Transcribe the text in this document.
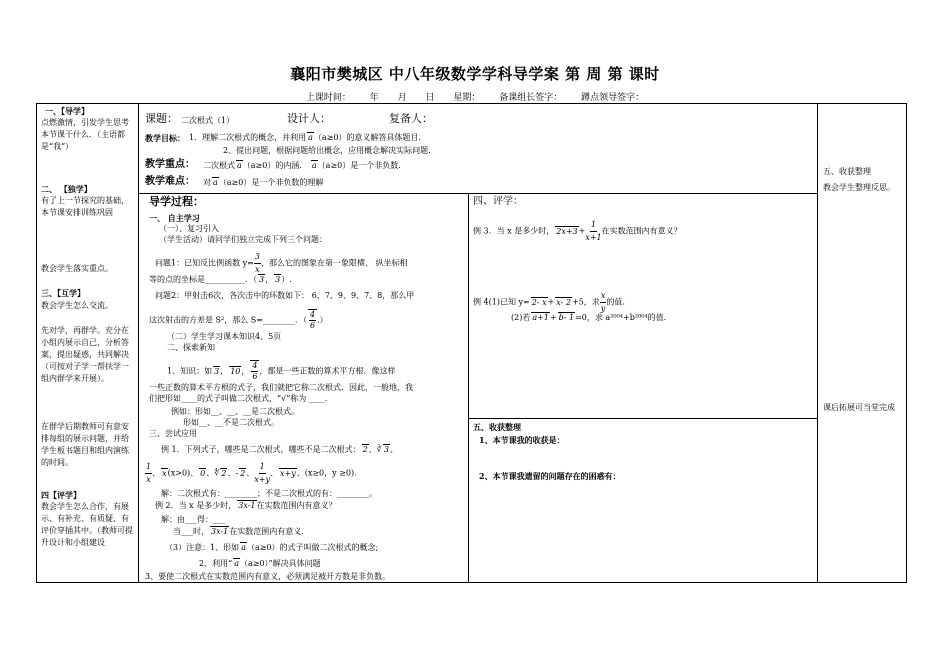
襄阳市樊城区 中八年级数学学科导学案 第 周 第 课时
上课时间： 年 月 日 星期： 备课组长签字： 蹲点领导签字：
一、【导学】
点燃激情，引发学生思考本节课干什么．（主语都是“我”）
二、 【独学】
有了上一节探究的基础，本节课安排训练巩固
教会学生落实重点。
三、【互学】
教会学生怎么交流。
先对学，再群学。充分在小组内展示自己，分析答案，提出疑惑，共同解决（可按对子学一帮扶学一组内群学来开展）。
在群学后期教师可有意安排每组的展示问题，并给学生板书题目和组内演练的时间。
四【评学】
教会学生怎么合作，有展示、有补充、有质疑、有评价穿插其中。（教师可提升设计和小组建设
课题： 二次根式（1）	设计人：	复备人：
教学目标： 1．理解二次根式的概念，并利用 a（a≥0）的意义解答具体题目．
2、提出问题，根据问题给出概念，应用概念解决实际问题．
教学重点： 二次根式 a（a≥0）的内涵． a（a≥0）是一个非负数．
教学难点： 对 a（a≥0）是一个非负数的理解
导学过程：
一、 自主学习
（一）、复习引入
（学生活动）请同学们独立完成下列三个问题：
问题1：已知反比例函数 $y= \frac{3}{x}$ ，那么它的图象在第一象限横、 纵坐标相
等的点的坐标是__________．（ 3， 3）.
问题2：甲射击6次，各次击中的环数如下： 6、7、9、9、7、8，那么甲
这次射击的方差是 S²，那么 S=________．（ $\frac{4}{6}$ .）
（二）学生学习课本知识4、5页
二、探索新知
1、知识：如 3， 10， $\frac{4}{6}$ ，都是一些正数的算术平方根．像这样
一些正数的算术平方根的式子，我们就把它称二次根式．因此，一般地，我
们把形如____的式子叫做二次根式，“√”称为 ____.
例如：形如__、__、__是二次根式。
形如__、__不是二次根式。
三、尝试应用
例 1．下列式子，哪些是二次根式，哪些不是二次根式： 2、∛ 3、
$\frac{1}{x}$ 、 x(x>0)、 0、∜ 2、- 2、 $\frac{1}{x+y}$ 、 x+y、(x≥0，y ≥0)．
解：二次根式有：________；不是二次根式的有：________。
例 2．当 x 是多少时， 3x-1在实数范围内有意义？
解：由___得：___
当___时， 3x-1在实数范围内有意义．
（3）注意：1、形如 a（a≥0）的式子叫做二次根式的概念;
2、利用“ a（a≥0）”解决具体问题
3、要使二次根式在实数范围内有意义，必须满足被开方数是非负数。
四、评学：
例 3．当 x 是多少时， $2x+3+ \frac{1}{x+1}$ 在实数范围内有意义？
例 4(1)已知 y= 2- x+ x- 2+5，求 $\frac{x}{y}$ 的值.
(2)若 a+1+ b- 1=0，求 a²⁰⁰⁴+b²⁰⁰⁴的值.
五、收获整理
1、本节课我的收获是：
2、本节课我遗留的问题存在的困惑有：
五、收获整理
教会学生整理反思。
课后拓展可当堂完成
